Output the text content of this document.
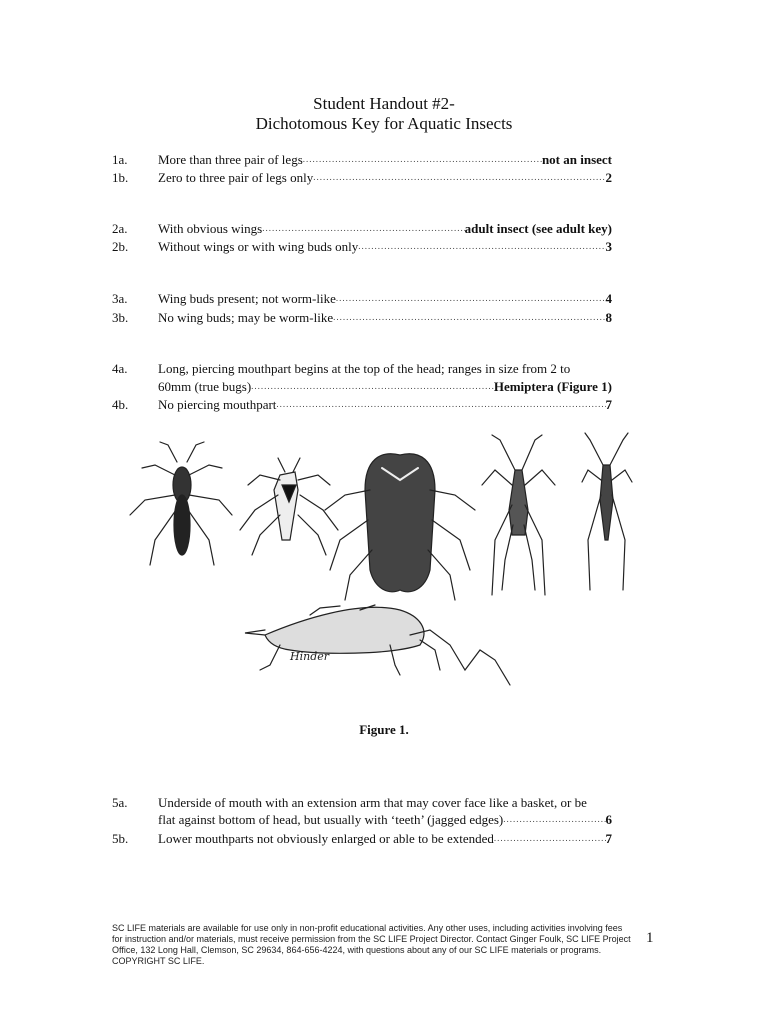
Student Handout #2-
Dichotomous Key for Aquatic Insects
1a.	More than three pair of legs .....	not an insect
1b.	Zero to three pair of legs only .....	2
2a.	With obvious wings .....	adult insect (see adult key)
2b.	Without wings or with wing buds only .....	3
3a.	Wing buds present; not worm-like .....	4
3b.	No wing buds; may be worm-like .....	8
4a.	Long, piercing mouthpart begins at the top of the head; ranges in size from 2 to
60mm (true bugs) .....	Hemiptera (Figure 1)
4b.	No piercing mouthpart .....	7
Hinder
Figure 1.
5a.	Underside of mouth with an extension arm that may cover face like a basket, or be
flat against bottom of head, but usually with ‘teeth’ (jagged edges) .....	6
5b.	Lower mouthparts not obviously enlarged or able to be extended .....	7
SC LIFE materials are available for use only in non-profit educational activities. Any other uses, including activities involving fees for instruction and/or materials, must receive permission from the SC LIFE Project Director. Contact Ginger Foulk, SC LIFE Project Office, 132 Long Hall, Clemson, SC 29634, 864-656-4224, with questions about any of our SC LIFE materials or programs. COPYRIGHT SC LIFE.
1
